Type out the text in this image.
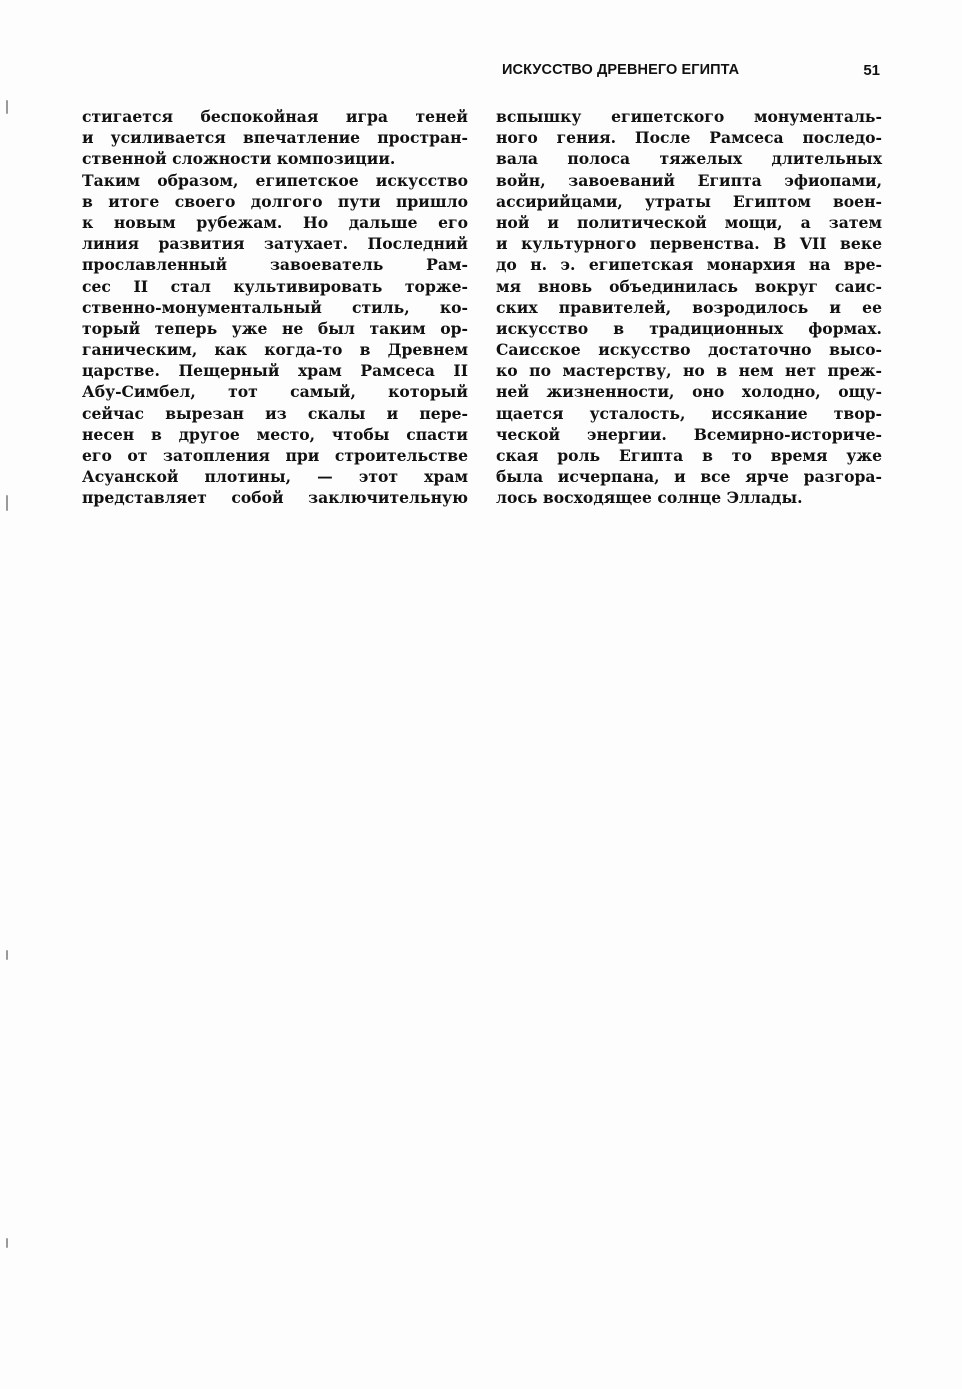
ИСКУССТВО ДРЕВНЕГО ЕГИПТА	51
стигается беспокойная игра теней
и усиливается впечатление простран-
ственной сложности композиции.
Таким образом, египетское искусство
в итоге своего долгого пути пришло
к новым рубежам. Но дальше его
линия развития затухает. Последний
прославленный завоеватель Рам-
сес II стал культивировать торже-
ственно-монументальный стиль, ко-
торый теперь уже не был таким ор-
ганическим, как когда-то в Древнем
царстве. Пещерный храм Рамсеса II
Абу-Симбел, тот самый, который
сейчас вырезан из скалы и пере-
несен в другое место, чтобы спасти
его от затопления при строительстве
Асуанской плотины, — этот храм
представляет собой заключительную
вспышку египетского монументаль-
ного гения. После Рамсеса последо-
вала полоса тяжелых длительных
войн, завоеваний Египта эфиопами,
ассирийцами, утраты Египтом воен-
ной и политической мощи, а затем
и культурного первенства. В VII веке
до н. э. египетская монархия на вре-
мя вновь объединилась вокруг саис-
ских правителей, возродилось и ее
искусство в традиционных формах.
Саисское искусство достаточно высо-
ко по мастерству, но в нем нет преж-
ней жизненности, оно холодно, ощу-
щается усталость, иссякание твор-
ческой энергии. Всемирно-историче-
ская роль Египта в то время уже
была исчерпана, и все ярче разгора-
лось восходящее солнце Эллады.
